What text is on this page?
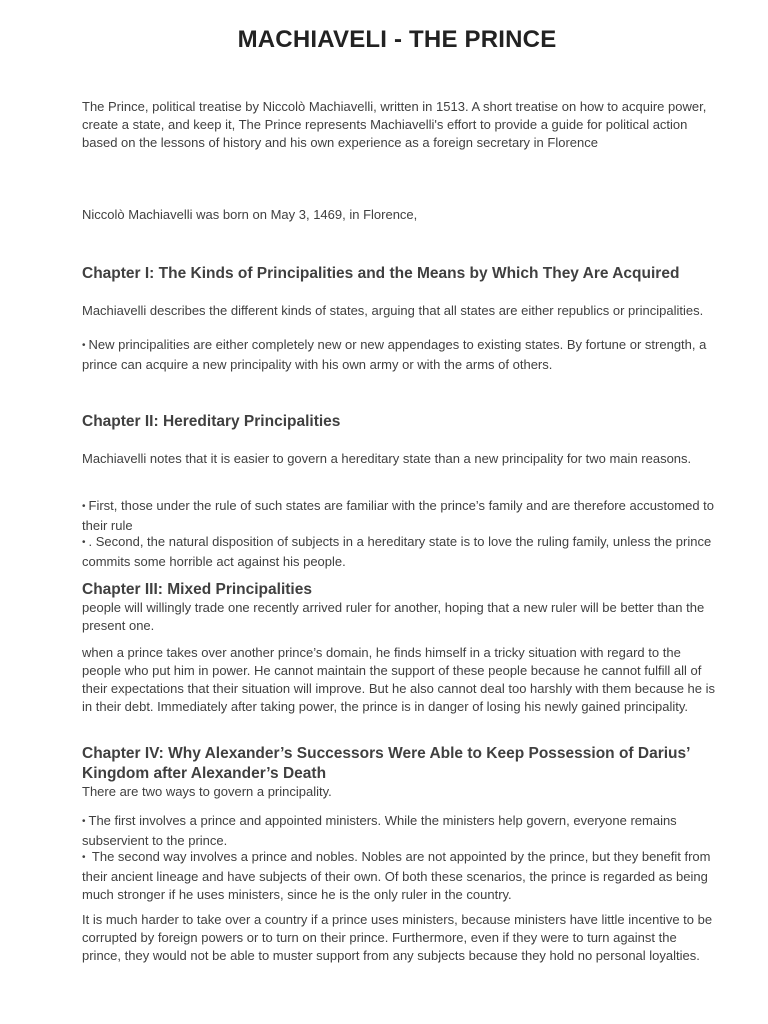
MACHIAVELI - THE PRINCE
The Prince, political treatise by Niccolò Machiavelli, written in 1513. A short treatise on how to acquire power, create a state, and keep it, The Prince represents Machiavelli's effort to provide a guide for political action based on the lessons of history and his own experience as a foreign secretary in Florence
Niccolò Machiavelli was born on May 3, 1469, in Florence,
Chapter I: The Kinds of Principalities and the Means by Which They Are Acquired
Machiavelli describes the different kinds of states, arguing that all states are either republics or principalities.
• New principalities are either completely new or new appendages to existing states. By fortune or strength, a prince can acquire a new principality with his own army or with the arms of others.
Chapter II: Hereditary Principalities
Machiavelli notes that it is easier to govern a hereditary state than a new principality for two main reasons.
• First, those under the rule of such states are familiar with the prince’s family and are therefore accustomed to their rule
• . Second, the natural disposition of subjects in a hereditary state is to love the ruling family, unless the prince commits some horrible act against his people.
Chapter III: Mixed Principalities
people will willingly trade one recently arrived ruler for another, hoping that a new ruler will be better than the present one.
when a prince takes over another prince’s domain, he finds himself in a tricky situation with regard to the people who put him in power. He cannot maintain the support of these people because he cannot fulfill all of their expectations that their situation will improve. But he also cannot deal too harshly with them because he is in their debt. Immediately after taking power, the prince is in danger of losing his newly gained principality.
Chapter IV: Why Alexander’s Successors Were Able to Keep Possession of Darius’ Kingdom after Alexander’s Death
There are two ways to govern a principality.
• The first involves a prince and appointed ministers. While the ministers help govern, everyone remains subservient to the prince.
• The second way involves a prince and nobles. Nobles are not appointed by the prince, but they benefit from their ancient lineage and have subjects of their own. Of both these scenarios, the prince is regarded as being much stronger if he uses ministers, since he is the only ruler in the country.
It is much harder to take over a country if a prince uses ministers, because ministers have little incentive to be corrupted by foreign powers or to turn on their prince. Furthermore, even if they were to turn against the prince, they would not be able to muster support from any subjects because they hold no personal loyalties.
